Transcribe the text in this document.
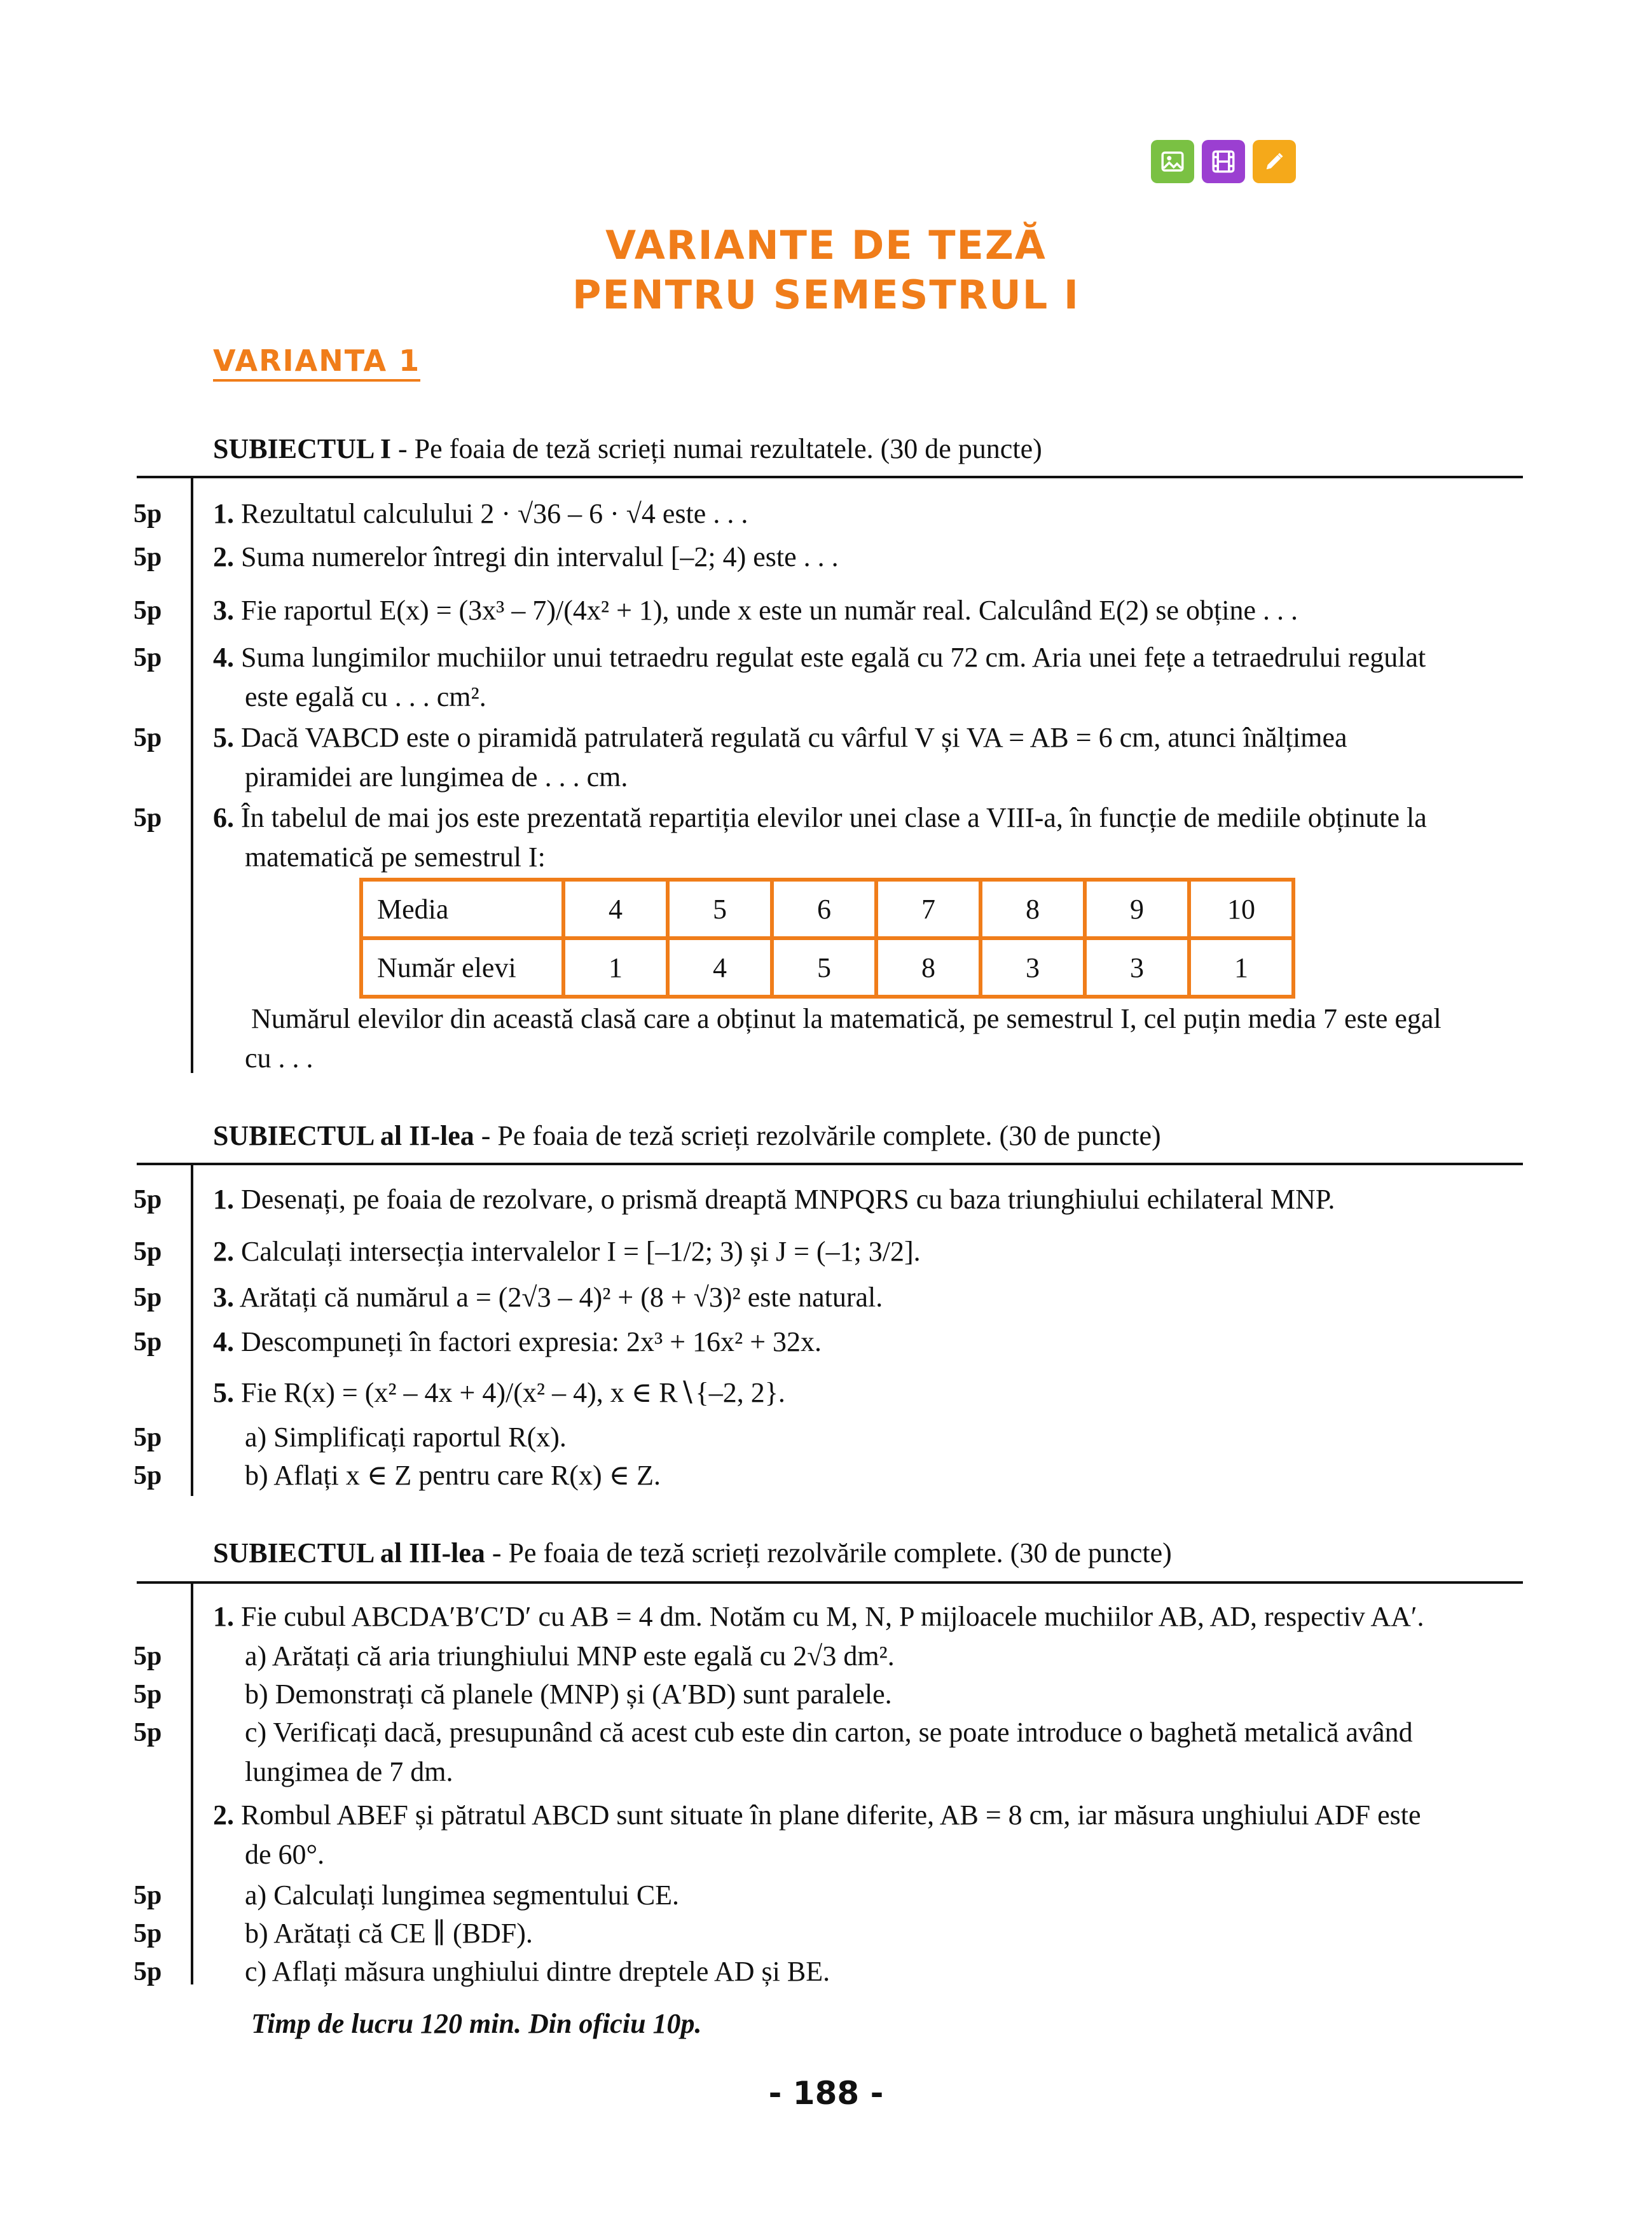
VARIANTE DE TEZĂ
PENTRU SEMESTRUL I
VARIANTA 1
SUBIECTUL I - Pe foaia de teză scrieți numai rezultatele. (30 de puncte)
5p 1. Rezultatul calculului 2 · √36 – 6 · √4 este . . .
5p 2. Suma numerelor întregi din intervalul [–2; 4) este . . .
5p 3. Fie raportul E(x) = (3x³ – 7)/(4x² + 1), unde x este un număr real. Calculând E(2) se obține . . .
5p 4. Suma lungimilor muchiilor unui tetraedru regulat este egală cu 72 cm. Aria unei fețe a tetraedrului regulat
este egală cu . . . cm².
5p 5. Dacă VABCD este o piramidă patrulateră regulată cu vârful V și VA = AB = 6 cm, atunci înălțimea
piramidei are lungimea de . . . cm.
5p 6. În tabelul de mai jos este prezentată repartiția elevilor unei clase a VIII-a, în funcție de mediile obținute la
matematică pe semestrul I:
Media	4	5	6	7	8	9	10
Număr elevi	1	4	5	8	3	3	1
Numărul elevilor din această clasă care a obținut la matematică, pe semestrul I, cel puțin media 7 este egal
cu . . .
SUBIECTUL al II-lea - Pe foaia de teză scrieți rezolvările complete. (30 de puncte)
5p 1. Desenați, pe foaia de rezolvare, o prismă dreaptă MNPQRS cu baza triunghiului echilateral MNP.
5p 2. Calculați intersecția intervalelor I = [–1/2; 3) și J = (–1; 3/2].
5p 3. Arătați că numărul a = (2√3 – 4)² + (8 + √3)² este natural.
5p 4. Descompuneți în factori expresia: 2x³ + 16x² + 32x.
5. Fie R(x) = (x² – 4x + 4)/(x² – 4), x ∈ R∖{–2, 2}.
5p	a) Simplificați raportul R(x).
5p	b) Aflați x ∈ Z pentru care R(x) ∈ Z.
SUBIECTUL al III-lea - Pe foaia de teză scrieți rezolvările complete. (30 de puncte)
1. Fie cubul ABCDA′B′C′D′ cu AB = 4 dm. Notăm cu M, N, P mijloacele muchiilor AB, AD, respectiv AA′.
5p	a) Arătați că aria triunghiului MNP este egală cu 2√3 dm².
5p	b) Demonstrați că planele (MNP) și (A′BD) sunt paralele.
5p	c) Verificați dacă, presupunând că acest cub este din carton, se poate introduce o baghetă metalică având
lungimea de 7 dm.
2. Rombul ABEF și pătratul ABCD sunt situate în plane diferite, AB = 8 cm, iar măsura unghiului ADF este
de 60°.
5p	a) Calculați lungimea segmentului CE.
5p	b) Arătați că CE ∥ (BDF).
5p	c) Aflați măsura unghiului dintre dreptele AD și BE.
Timp de lucru 120 min. Din oficiu 10p.
- 188 -
